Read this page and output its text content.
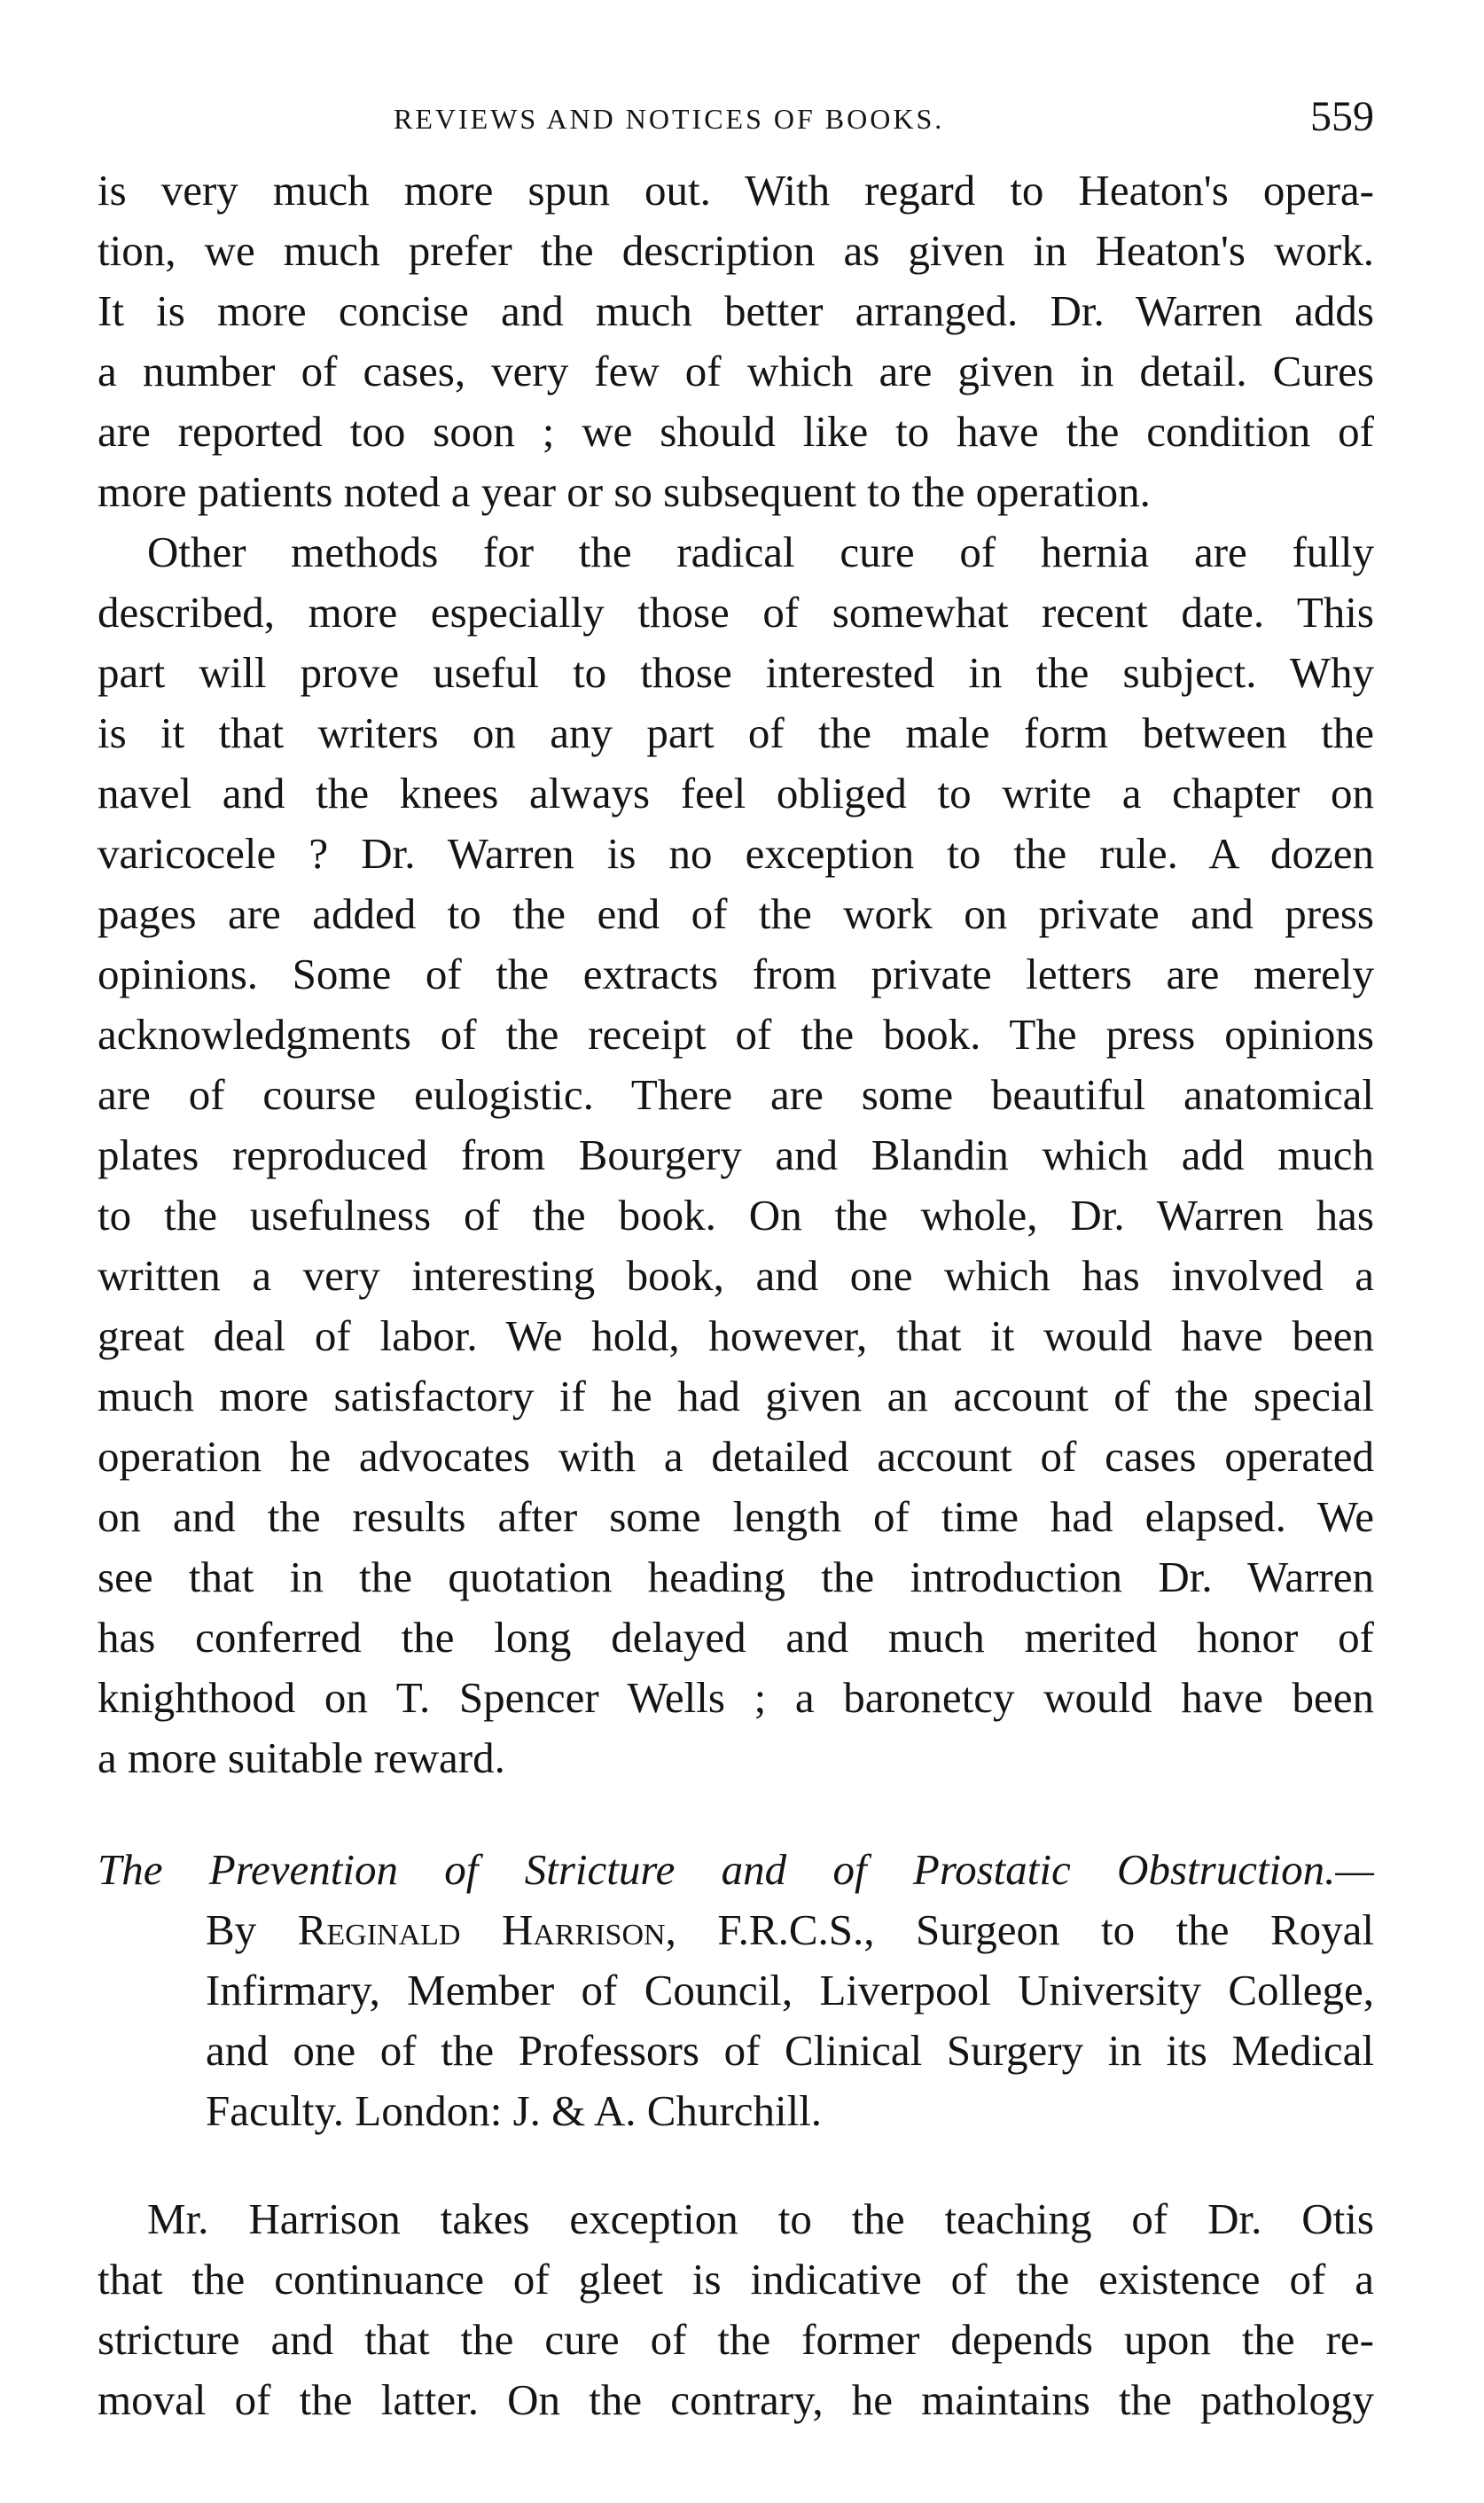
REVIEWS AND NOTICES OF BOOKS.	559
is very much more spun out. With regard to Heaton's opera-
tion, we much prefer the description as given in Heaton's work.
It is more concise and much better arranged. Dr. Warren adds
a number of cases, very few of which are given in detail. Cures
are reported too soon ; we should like to have the condition of
more patients noted a year or so subsequent to the operation.
Other methods for the radical cure of hernia are fully
described, more especially those of somewhat recent date. This
part will prove useful to those interested in the subject. Why
is it that writers on any part of the male form between the
navel and the knees always feel obliged to write a chapter on
varicocele ? Dr. Warren is no exception to the rule. A dozen
pages are added to the end of the work on private and press
opinions. Some of the extracts from private letters are merely
acknowledgments of the receipt of the book. The press opinions
are of course eulogistic. There are some beautiful anatomical
plates reproduced from Bourgery and Blandin which add much
to the usefulness of the book. On the whole, Dr. Warren has
written a very interesting book, and one which has involved a
great deal of labor. We hold, however, that it would have been
much more satisfactory if he had given an account of the special
operation he advocates with a detailed account of cases operated
on and the results after some length of time had elapsed. We
see that in the quotation heading the introduction Dr. Warren
has conferred the long delayed and much merited honor of
knighthood on T. Spencer Wells ; a baronetcy would have been
a more suitable reward.
The Prevention of Stricture and of Prostatic Obstruction.—
By Reginald Harrison, F.R.C.S., Surgeon to the Royal
Infirmary, Member of Council, Liverpool University College,
and one of the Professors of Clinical Surgery in its Medical
Faculty. London: J. & A. Churchill.
Mr. Harrison takes exception to the teaching of Dr. Otis
that the continuance of gleet is indicative of the existence of a
stricture and that the cure of the former depends upon the re-
moval of the latter. On the contrary, he maintains the pathology
